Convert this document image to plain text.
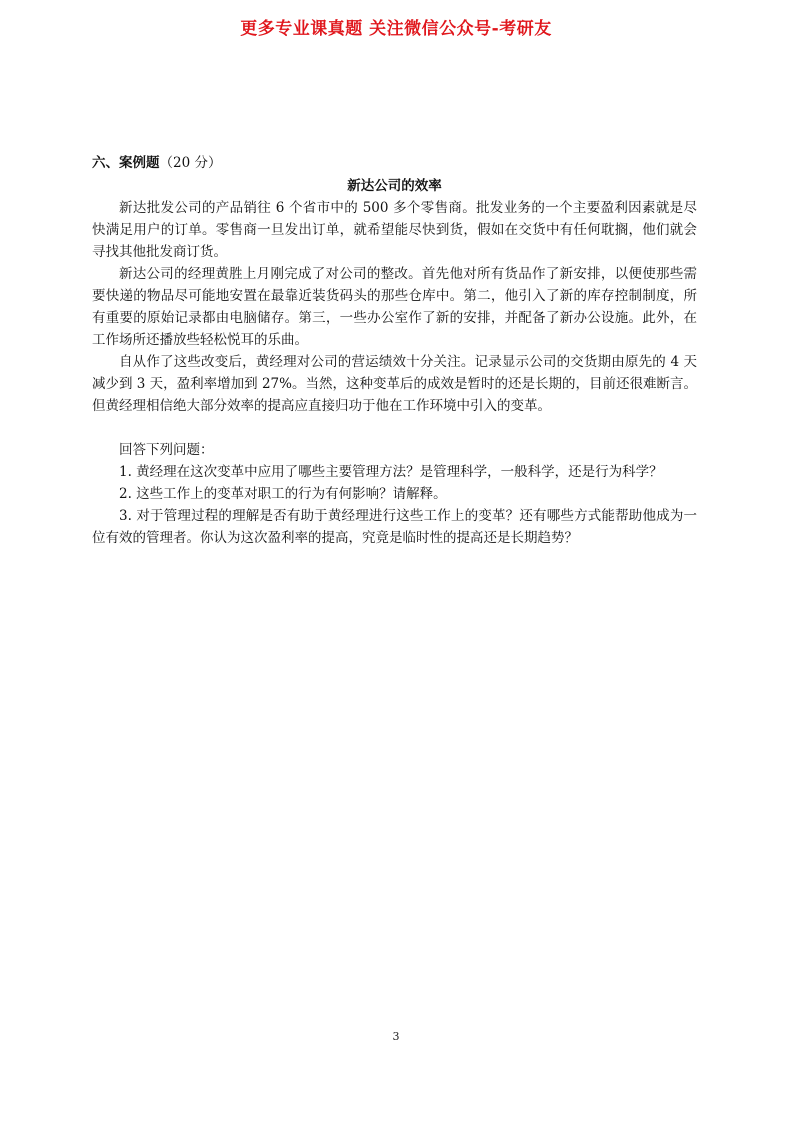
更多专业课真题 关注微信公众号-考研友
六、案例题（20 分）
新达公司的效率

新达批发公司的产品销往 6 个省市中的 500 多个零售商。批发业务的一个主要盈利因素就是尽快满足用户的订单。零售商一旦发出订单，就希望能尽快到货，假如在交货中有任何耽搁，他们就会寻找其他批发商订货。

新达公司的经理黄胜上月刚完成了对公司的整改。首先他对所有货品作了新安排，以便使那些需要快递的物品尽可能地安置在最靠近装货码头的那些仓库中。第二，他引入了新的库存控制制度，所有重要的原始记录都由电脑储存。第三，一些办公室作了新的安排，并配备了新办公设施。此外，在工作场所还播放些轻松悦耳的乐曲。

自从作了这些改变后，黄经理对公司的营运绩效十分关注。记录显示公司的交货期由原先的 4 天减少到 3 天，盈利率增加到 27%。当然，这种变革后的成效是暂时的还是长期的，目前还很难断言。但黄经理相信绝大部分效率的提高应直接归功于他在工作环境中引入的变革。

回答下列问题：

1. 黄经理在这次变革中应用了哪些主要管理方法？是管理科学，一般科学，还是行为科学？

2. 这些工作上的变革对职工的行为有何影响？请解释。

3. 对于管理过程的理解是否有助于黄经理进行这些工作上的变革？还有哪些方式能帮助他成为一位有效的管理者。你认为这次盈利率的提高，究竟是临时性的提高还是长期趋势？

3
